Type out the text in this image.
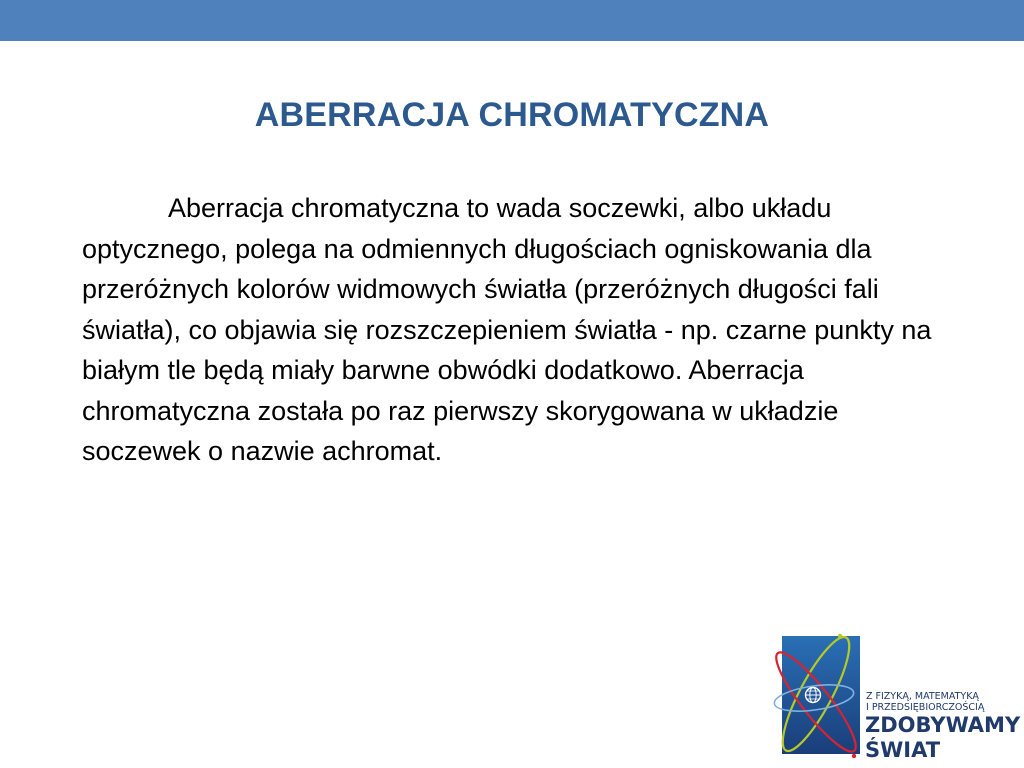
ABERRACJA CHROMATYCZNA

Aberracja chromatyczna to wada soczewki, albo układu optycznego, polega na odmiennych długościach ogniskowania dla przeróżnych kolorów widmowych światła (przeróżnych długości fali światła), co objawia się rozszczepieniem światła - np. czarne punkty na białym tle będą miały barwne obwódki dodatkowo. Aberracja chromatyczna została po raz pierwszy skorygowana w układzie soczewek o nazwie achromat.

Z FIZYKĄ, MATEMATYKĄ
I PRZEDSIĘBIORCZOŚCIĄ

ZDOBYWAMY
ŚWIAT
